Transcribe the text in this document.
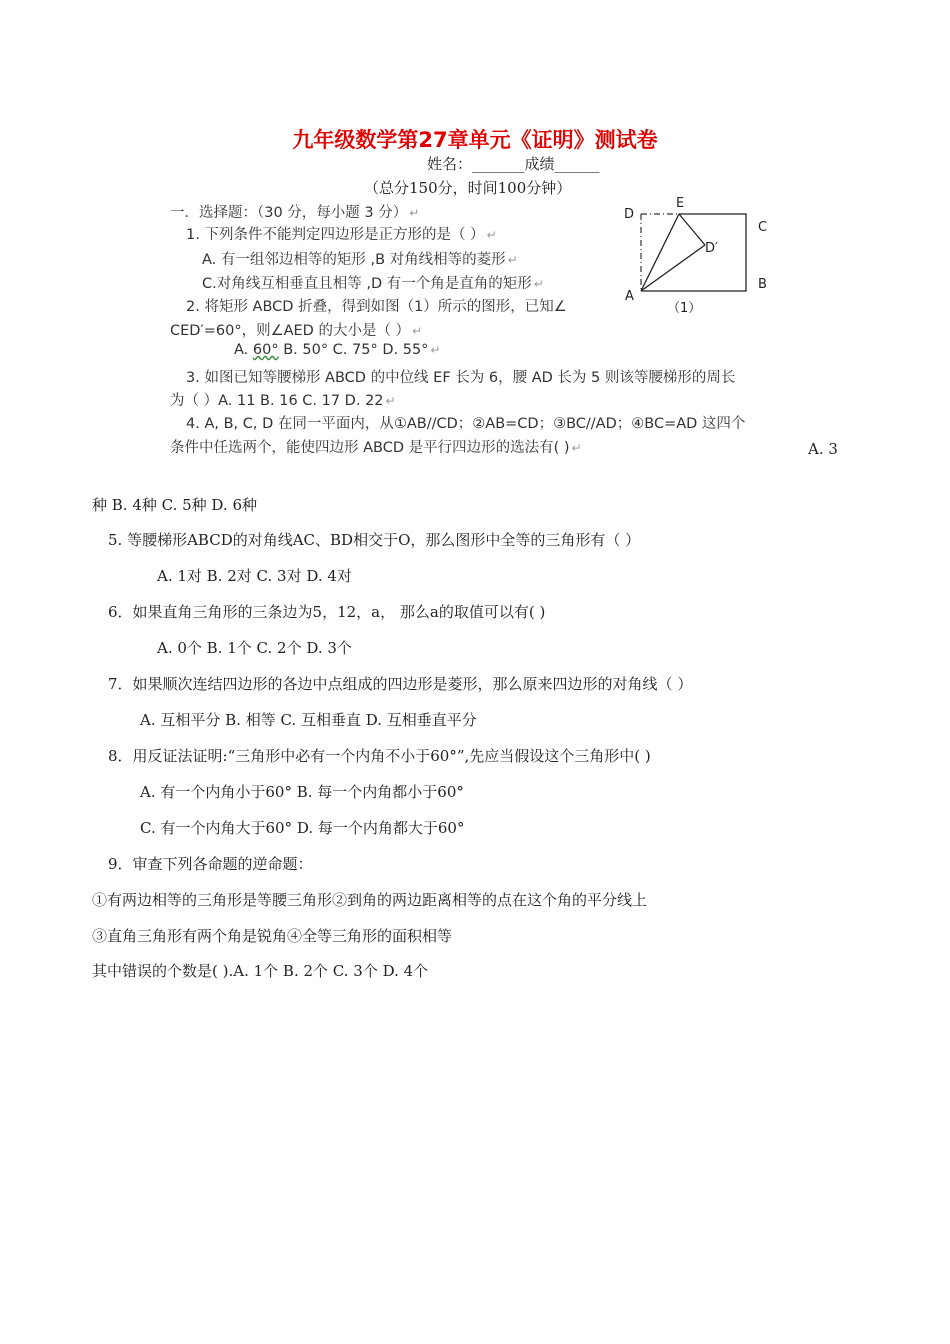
九年级数学第27章单元《证明》测试卷
姓名：_______成绩______
（总分150分，时间100分钟）
一．选择题：（30 分，每小题 3 分） ↵
1. 下列条件不能判定四边形是正方形的是（ ） ↵
A. 有一组邻边相等的矩形 ,B 对角线相等的菱形 ↵
C.对角线互相垂直且相等 ,D 有一个角是直角的矩形 ↵
2. 将矩形 ABCD 折叠，得到如图（1）所示的图形，已知∠
CED′=60°，则∠AED 的大小是（ ） ↵
A. 60° B. 50° C. 75° D. 55° ↵
3. 如图已知等腰梯形 ABCD 的中位线 EF 长为 6，腰 AD 长为 5 则该等腰梯形的周长
为（ ）A. 11 B. 16 C. 17 D. 22 ↵
4. A, B, C, D 在同一平面内，从①AB//CD；②AB=CD；③BC//AD；④BC=AD 这四个
条件中任选两个，能使四边形 ABCD 是平行四边形的选法有( ) ↵	A. 3
种 B. 4种 C. 5种 D. 6种
D
E
C
D′
A
B
（1）
5. 等腰梯形ABCD的对角线AC、BD相交于O，那么图形中全等的三角形有（ ）
A. 1对 B. 2对 C. 3对 D. 4对
6．如果直角三角形的三条边为5，12，a， 那么a的取值可以有( )
A. 0个 B. 1个 C. 2个 D. 3个
7．如果顺次连结四边形的各边中点组成的四边形是菱形，那么原来四边形的对角线（ ）
A. 互相平分 B. 相等 C. 互相垂直 D. 互相垂直平分
8．用反证法证明:“三角形中必有一个内角不小于60°”,先应当假设这个三角形中( )
A. 有一个内角小于60° B. 每一个内角都小于60°
C. 有一个内角大于60° D. 每一个内角都大于60°
9．审查下列各命题的逆命题：
①有两边相等的三角形是等腰三角形②到角的两边距离相等的点在这个角的平分线上
③直角三角形有两个角是锐角④全等三角形的面积相等
其中错误的个数是( ).A. 1个 B. 2个 C. 3个 D. 4个
